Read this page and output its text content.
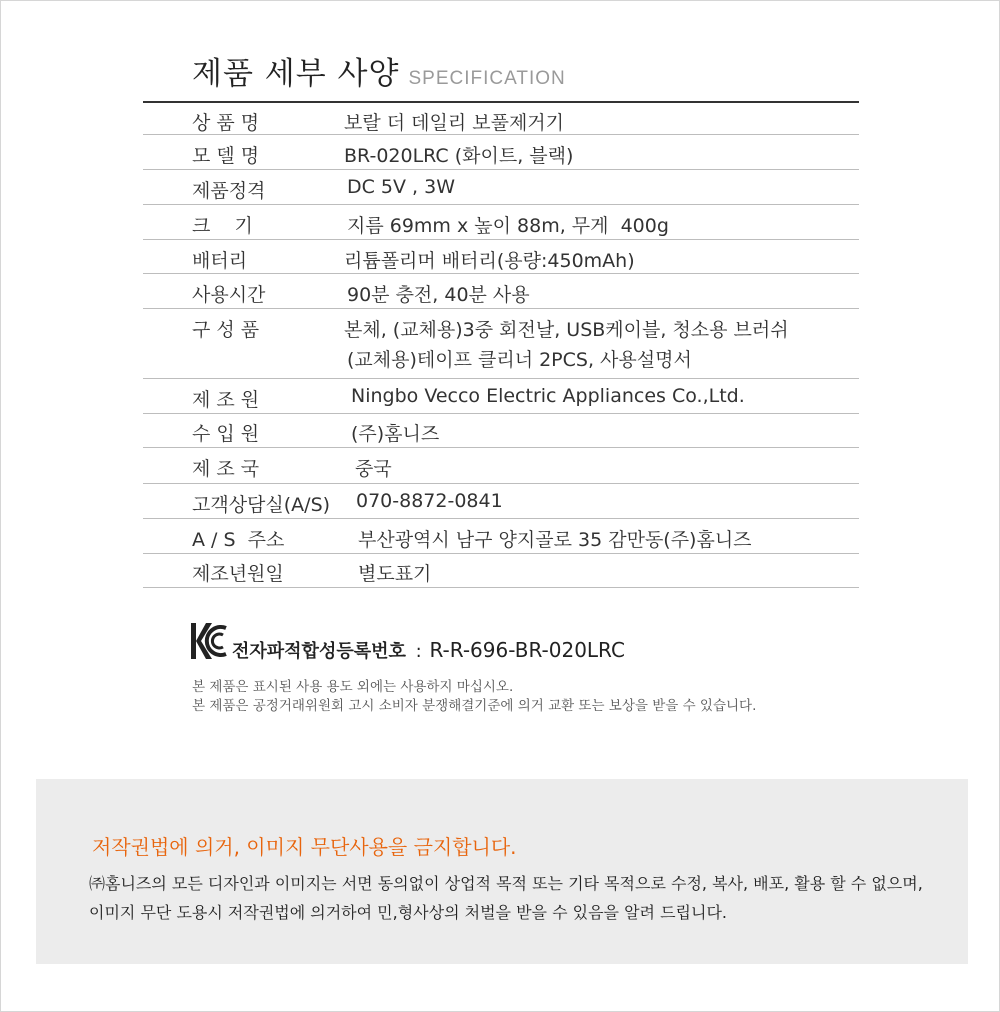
제품 세부 사양 SPECIFICATION
상 품 명	보랄 더 데일리 보풀제거기
모 델 명	BR-020LRC (화이트, 블랙)
제품정격	DC 5V , 3W
크    기	지름 69mm x 높이 88m, 무게  400g
배터리	리튬폴리머 배터리(용량:450mAh)
사용시간	90분 충전, 40분 사용
구 성 품	본체, (교체용)3중 회전날, USB케이블, 청소용 브러쉬
(교체용)테이프 클리너 2PCS, 사용설명서
제 조 원	Ningbo Vecco Electric Appliances Co.,Ltd.
수 입 원	(주)홈니즈
제 조 국	중국
고객상담실(A/S) 070-8872-0841
A / S  주소	부산광역시 남구 양지골로 35 감만동(주)홈니즈
제조년원일	별도표기
전자파적합성등록번호 : R-R-696-BR-020LRC
본 제품은 표시된 사용 용도 외에는 사용하지 마십시오.
본 제품은 공정거래위원회 고시 소비자 분쟁해결기준에 의거 교환 또는 보상을 받을 수 있습니다.
저작권법에 의거, 이미지 무단사용을 금지합니다.
㈜홈니즈의 모든 디자인과 이미지는 서면 동의없이 상업적 목적 또는 기타 목적으로 수정, 복사, 배포, 활용 할 수 없으며,
이미지 무단 도용시 저작권법에 의거하여 민,형사상의 처벌을 받을 수 있음을 알려 드립니다.
